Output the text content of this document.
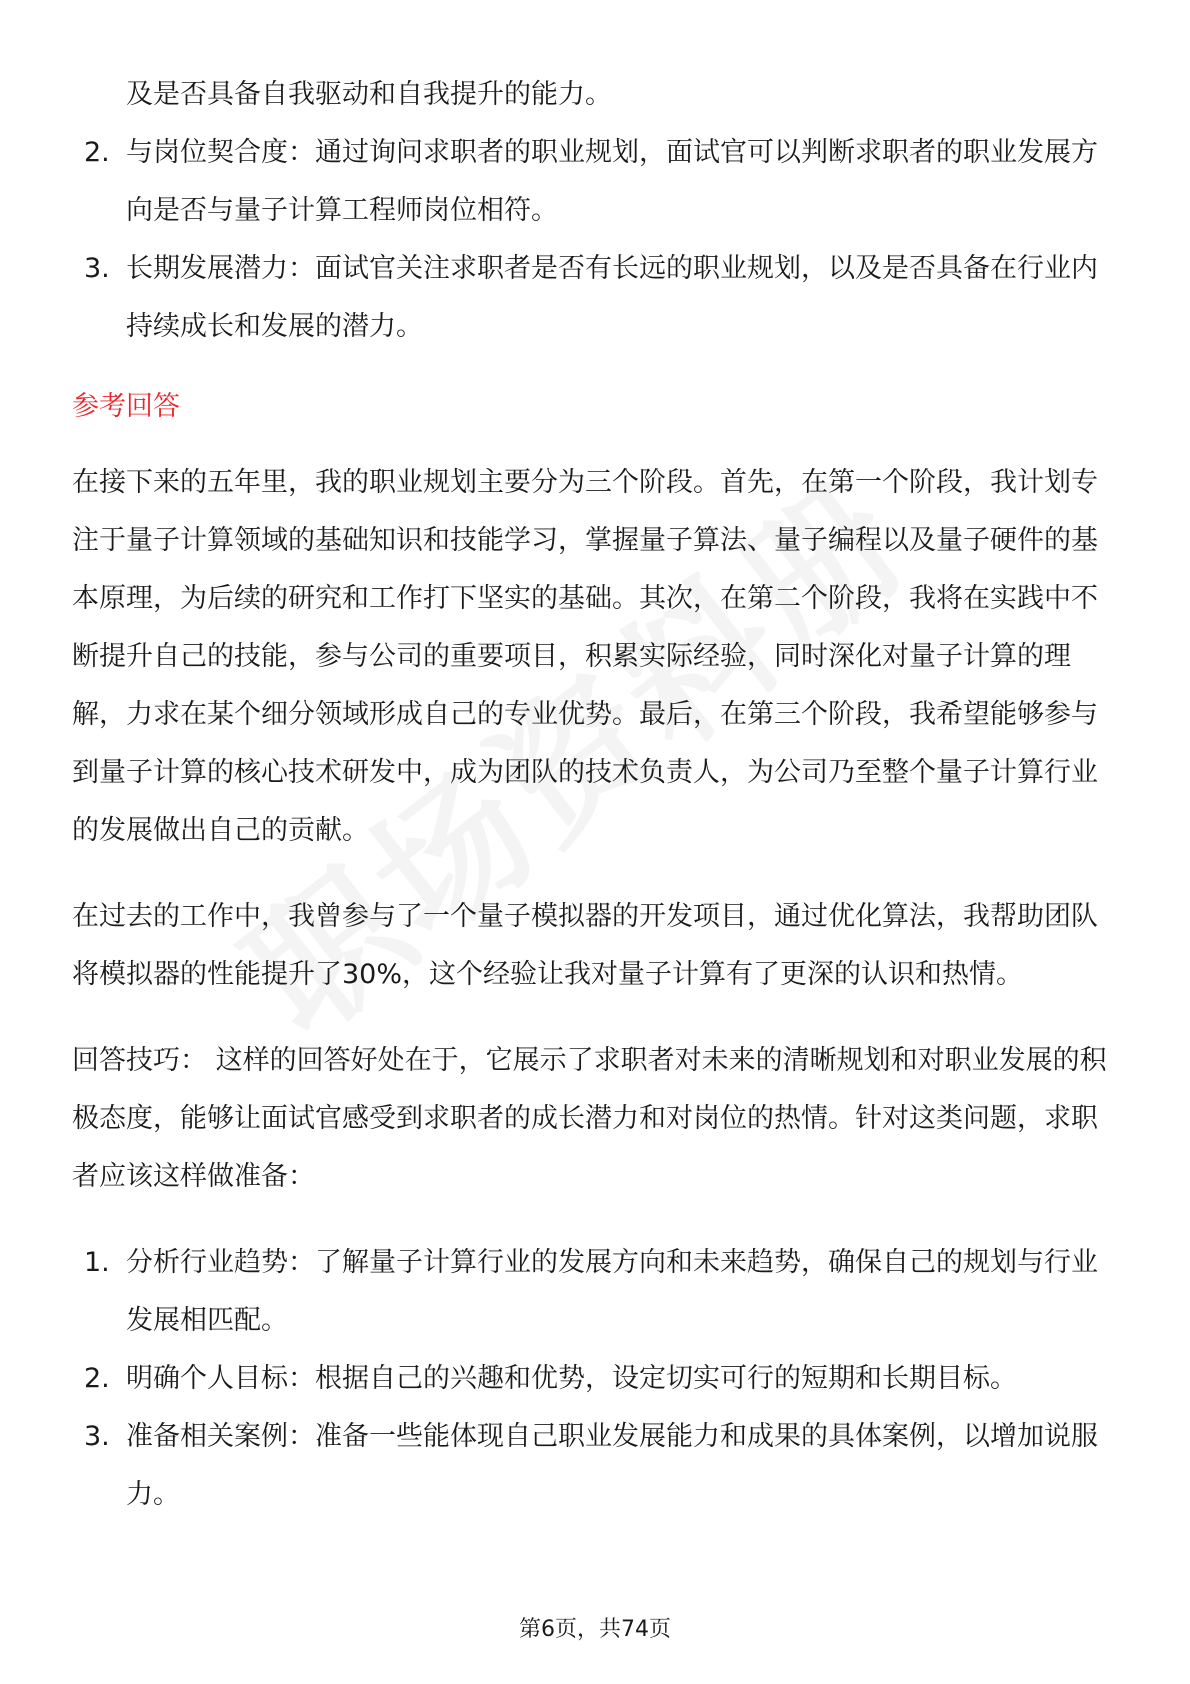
及是否具备自我驱动和自我提升的能力。
2. 与岗位契合度：通过询问求职者的职业规划，面试官可以判断求职者的职业发展方向是否与量子计算工程师岗位相符。
3. 长期发展潜力：面试官关注求职者是否有长远的职业规划，以及是否具备在行业内持续成长和发展的潜力。
参考回答

在接下来的五年里，我的职业规划主要分为三个阶段。首先，在第一个阶段，我计划专注于量子计算领域的基础知识和技能学习，掌握量子算法、量子编程以及量子硬件的基本原理，为后续的研究和工作打下坚实的基础。其次，在第二个阶段，我将在实践中不断提升自己的技能，参与公司的重要项目，积累实际经验，同时深化对量子计算的理解，力求在某个细分领域形成自己的专业优势。最后，在第三个阶段，我希望能够参与到量子计算的核心技术研发中，成为团队的技术负责人，为公司乃至整个量子计算行业的发展做出自己的贡献。

在过去的工作中，我曾参与了一个量子模拟器的开发项目，通过优化算法，我帮助团队将模拟器的性能提升了30%，这个经验让我对量子计算有了更深的认识和热情。

回答技巧： 这样的回答好处在于，它展示了求职者对未来的清晰规划和对职业发展的积极态度，能够让面试官感受到求职者的成长潜力和对岗位的热情。针对这类问题，求职者应该这样做准备：

1. 分析行业趋势：了解量子计算行业的发展方向和未来趋势，确保自己的规划与行业发展相匹配。
2. 明确个人目标：根据自己的兴趣和优势，设定切实可行的短期和长期目标。
3. 准备相关案例：准备一些能体现自己职业发展能力和成果的具体案例，以增加说服力。
第6页，共74页
